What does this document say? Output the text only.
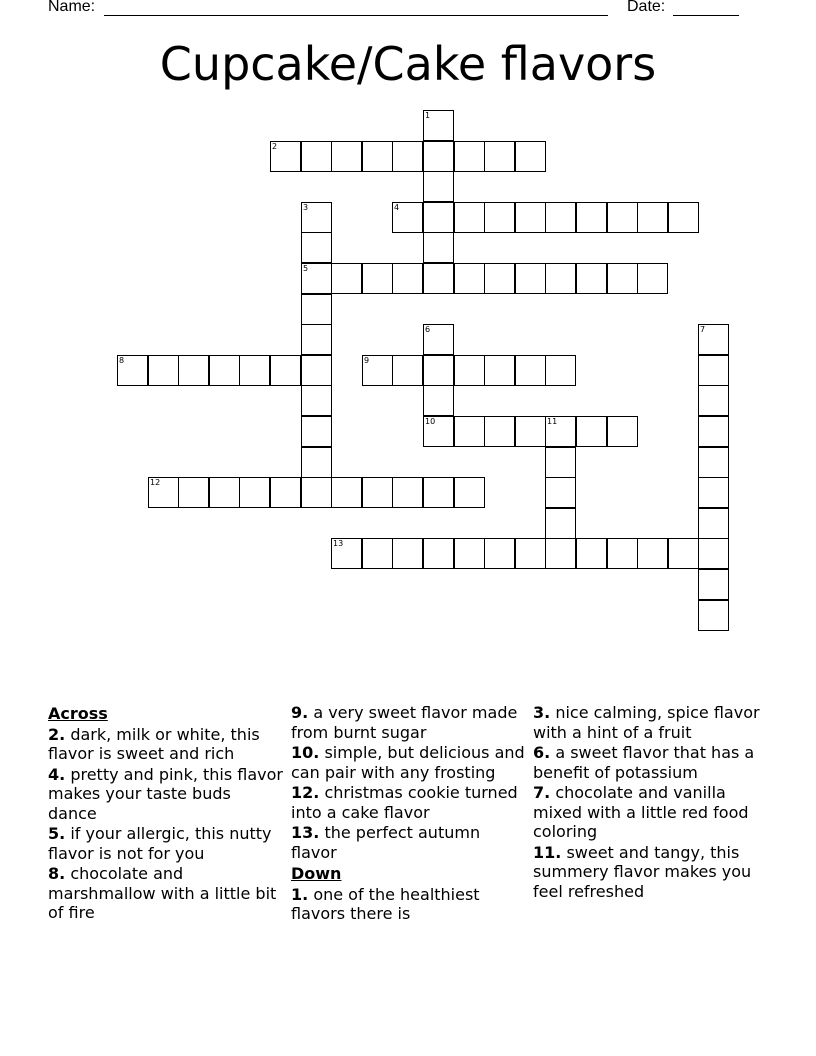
Name:	Date:
Cupcake/Cake flavors
1
2
3	4
5
6	7
8	9
10	11
12
13
Across
2. dark, milk or white, this flavor is sweet and rich
4. pretty and pink, this flavor makes your taste buds dance
5. if your allergic, this nutty flavor is not for you
8. chocolate and marshmallow with a little bit of fire
9. a very sweet flavor made from burnt sugar
10. simple, but delicious and can pair with any frosting
12. christmas cookie turned into a cake flavor
13. the perfect autumn flavor
Down
1. one of the healthiest flavors there is
3. nice calming, spice flavor with a hint of a fruit
6. a sweet flavor that has a benefit of potassium
7. chocolate and vanilla mixed with a little red food coloring
11. sweet and tangy, this summery flavor makes you feel refreshed
